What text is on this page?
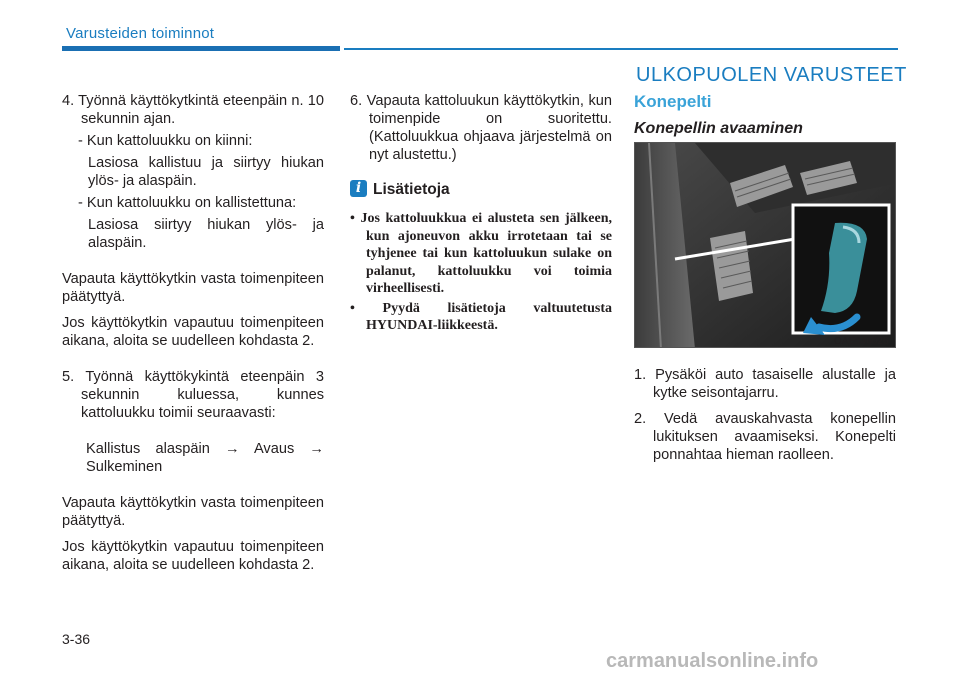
Varusteiden toiminnot

4. Työnnä käyttökytkintä eteenpäin n. 10 sekunnin ajan.

- Kun kattoluukku on kiinni:

Lasiosa kallistuu ja siirtyy hiukan ylös- ja alaspäin.

- Kun kattoluukku on kallistettuna:

Lasiosa siirtyy hiukan ylös- ja alaspäin.

Vapauta käyttökytkin vasta toimenpiteen päätyttyä.

Jos käyttökytkin vapautuu toimenpiteen aikana, aloita se uudelleen kohdasta 2.

5. Työnnä käyttökykintä eteenpäin 3 sekunnin kuluessa, kunnes kattoluukku toimii seuraavasti:

Kallistus alaspäin → Avaus → Sulkeminen

Vapauta käyttökytkin vasta toimenpiteen päätyttyä.

Jos käyttökytkin vapautuu toimenpiteen aikana, aloita se uudelleen kohdasta 2.

6. Vapauta kattoluukun käyttökytkin, kun toimenpide on suoritettu. (Kattoluukkua ohjaava järjestelmä on nyt alustettu.)

i Lisätietoja
• Jos kattoluukkua ei alusteta sen jälkeen, kun ajoneuvon akku irrotetaan tai se tyhjenee tai kun kattoluukun sulake on palanut, kattoluukku voi toimia virheellisesti.
• Pyydä lisätietoja valtuutetusta HYUNDAI-liikkeestä.
ULKOPUOLEN VARUSTEET
Konepelti
Konepellin avaaminen
OAE046026

1. Pysäköi auto tasaiselle alustalle ja kytke seisontajarru.

2. Vedä avauskahvasta konepellin lukituksen avaamiseksi. Konepelti ponnahtaa hieman raolleen.

3-36
carmanualsonline.info
